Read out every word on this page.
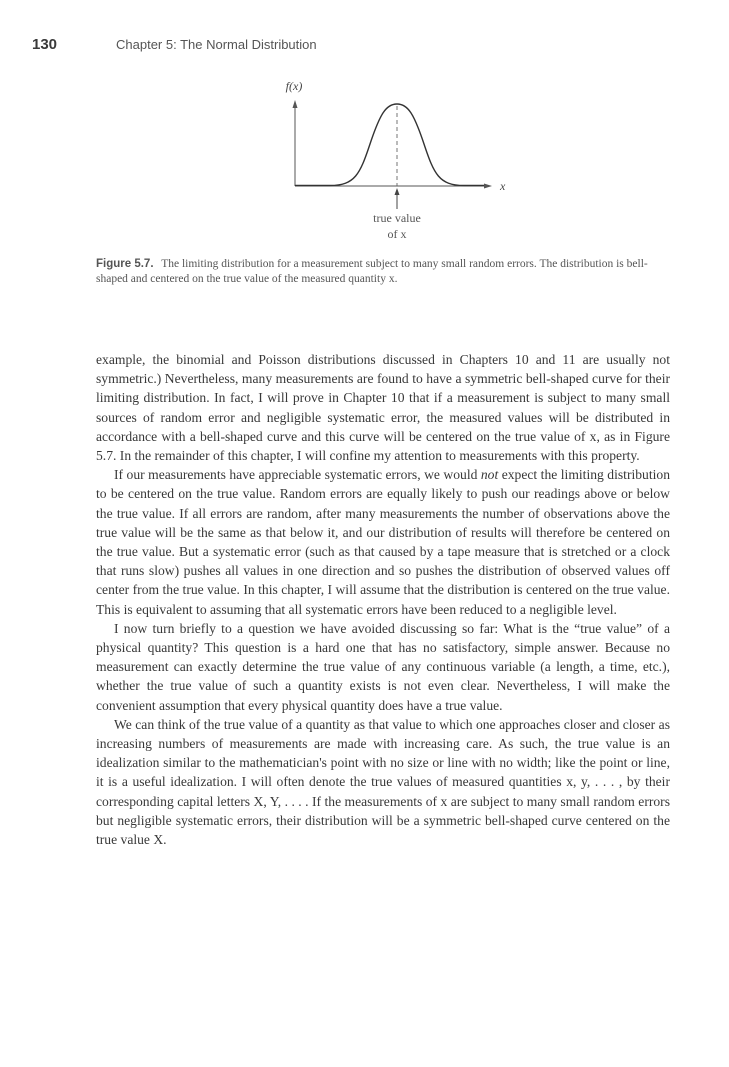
130	Chapter 5: The Normal Distribution
f(x)
x
true value
of x
Figure 5.7. The limiting distribution for a measurement subject to many small random errors. The distribution is bell-shaped and centered on the true value of the measured quantity x.

example, the binomial and Poisson distributions discussed in Chapters 10 and 11 are usually not symmetric.) Nevertheless, many measurements are found to have a symmetric bell-shaped curve for their limiting distribution. In fact, I will prove in Chapter 10 that if a measurement is subject to many small sources of random error and negligible systematic error, the measured values will be distributed in accordance with a bell-shaped curve and this curve will be centered on the true value of x, as in Figure 5.7. In the remainder of this chapter, I will confine my attention to measurements with this property.

If our measurements have appreciable systematic errors, we would not expect the limiting distribution to be centered on the true value. Random errors are equally likely to push our readings above or below the true value. If all errors are random, after many measurements the number of observations above the true value will be the same as that below it, and our distribution of results will therefore be centered on the true value. But a systematic error (such as that caused by a tape measure that is stretched or a clock that runs slow) pushes all values in one direction and so pushes the distribution of observed values off center from the true value. In this chapter, I will assume that the distribution is centered on the true value. This is equivalent to assuming that all systematic errors have been reduced to a negligible level.

I now turn briefly to a question we have avoided discussing so far: What is the “true value” of a physical quantity? This question is a hard one that has no satisfactory, simple answer. Because no measurement can exactly determine the true value of any continuous variable (a length, a time, etc.), whether the true value of such a quantity exists is not even clear. Nevertheless, I will make the convenient assumption that every physical quantity does have a true value.

We can think of the true value of a quantity as that value to which one approaches closer and closer as increasing numbers of measurements are made with increasing care. As such, the true value is an idealization similar to the mathematician's point with no size or line with no width; like the point or line, it is a useful idealization. I will often denote the true values of measured quantities x, y, . . . , by their corresponding capital letters X, Y, . . . . If the measurements of x are subject to many small random errors but negligible systematic errors, their distribution will be a symmetric bell-shaped curve centered on the true value X.
